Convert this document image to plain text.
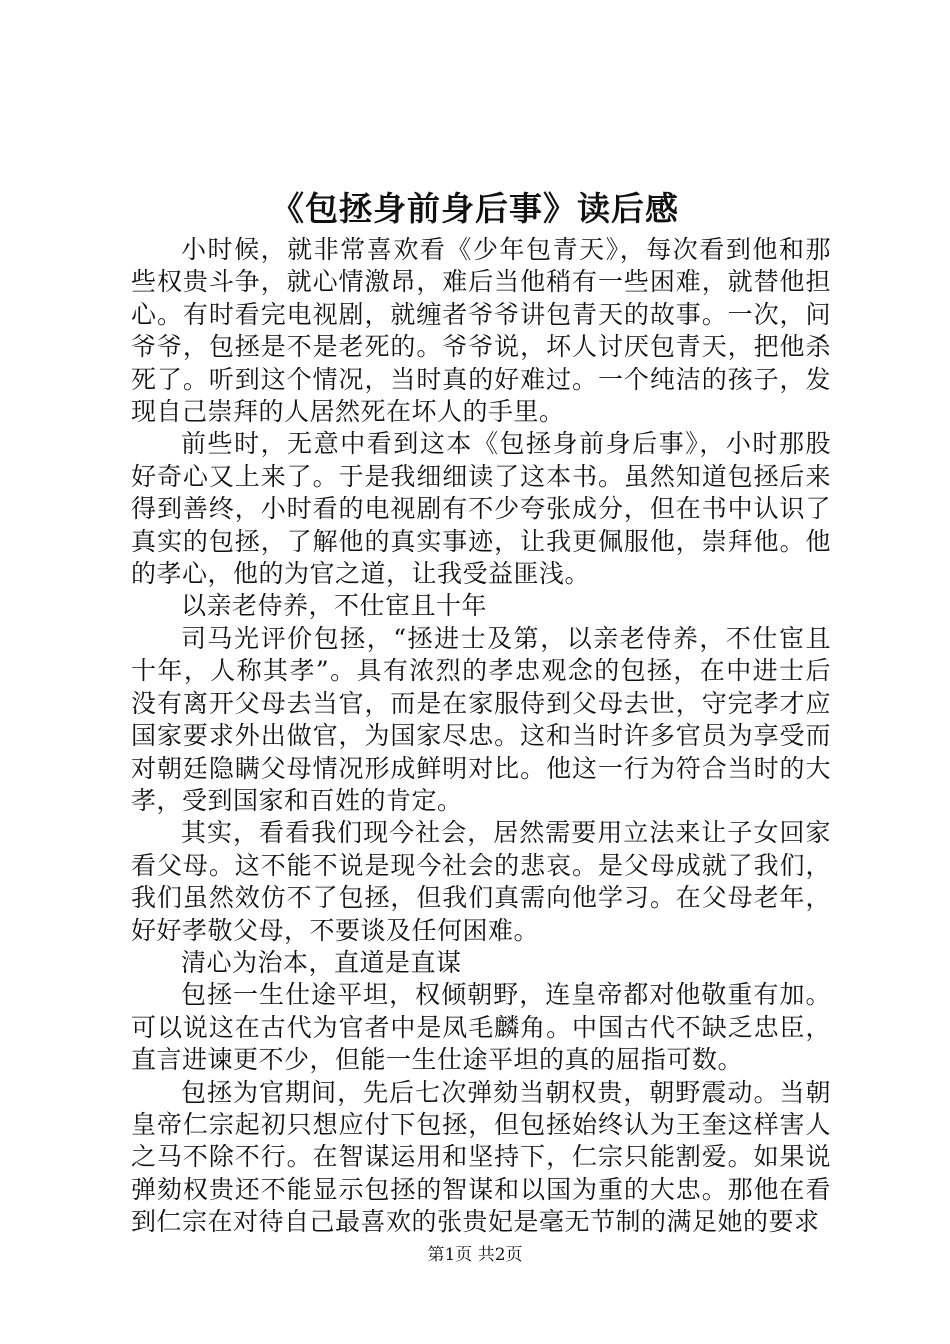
《包拯身前身后事》读后感

小时候，就非常喜欢看《少年包青天》，每次看到他和那些权贵斗争，就心情激昂，难后当他稍有一些困难，就替他担心。有时看完电视剧，就缠者爷爷讲包青天的故事。一次，问爷爷，包拯是不是老死的。爷爷说，坏人讨厌包青天，把他杀死了。听到这个情况，当时真的好难过。一个纯洁的孩子，发现自己崇拜的人居然死在坏人的手里。

前些时，无意中看到这本《包拯身前身后事》，小时那股好奇心又上来了。于是我细细读了这本书。虽然知道包拯后来得到善终，小时看的电视剧有不少夸张成分，但在书中认识了真实的包拯，了解他的真实事迹，让我更佩服他，崇拜他。他的孝心，他的为官之道，让我受益匪浅。

以亲老侍养，不仕宦且十年

司马光评价包拯，“拯进士及第，以亲老侍养，不仕宦且十年，人称其孝”。具有浓烈的孝忠观念的包拯，在中进士后没有离开父母去当官，而是在家服侍到父母去世，守完孝才应国家要求外出做官，为国家尽忠。这和当时许多官员为享受而对朝廷隐瞒父母情况形成鲜明对比。他这一行为符合当时的大孝，受到国家和百姓的肯定。

其实，看看我们现今社会，居然需要用立法来让子女回家看父母。这不能不说是现今社会的悲哀。是父母成就了我们，我们虽然效仿不了包拯，但我们真需向他学习。在父母老年，好好孝敬父母，不要谈及任何困难。

清心为治本，直道是直谋

包拯一生仕途平坦，权倾朝野，连皇帝都对他敬重有加。可以说这在古代为官者中是凤毛麟角。中国古代不缺乏忠臣，直言进谏更不少，但能一生仕途平坦的真的屈指可数。

包拯为官期间，先后七次弹劾当朝权贵，朝野震动。当朝皇帝仁宗起初只想应付下包拯，但包拯始终认为王奎这样害人之马不除不行。在智谋运用和坚持下，仁宗只能割爱。如果说弹劾权贵还不能显示包拯的智谋和以国为重的大忠。那他在看到仁宗在对待自己最喜欢的张贵妃是毫无节制的满足她的要求

第1页 共2页
